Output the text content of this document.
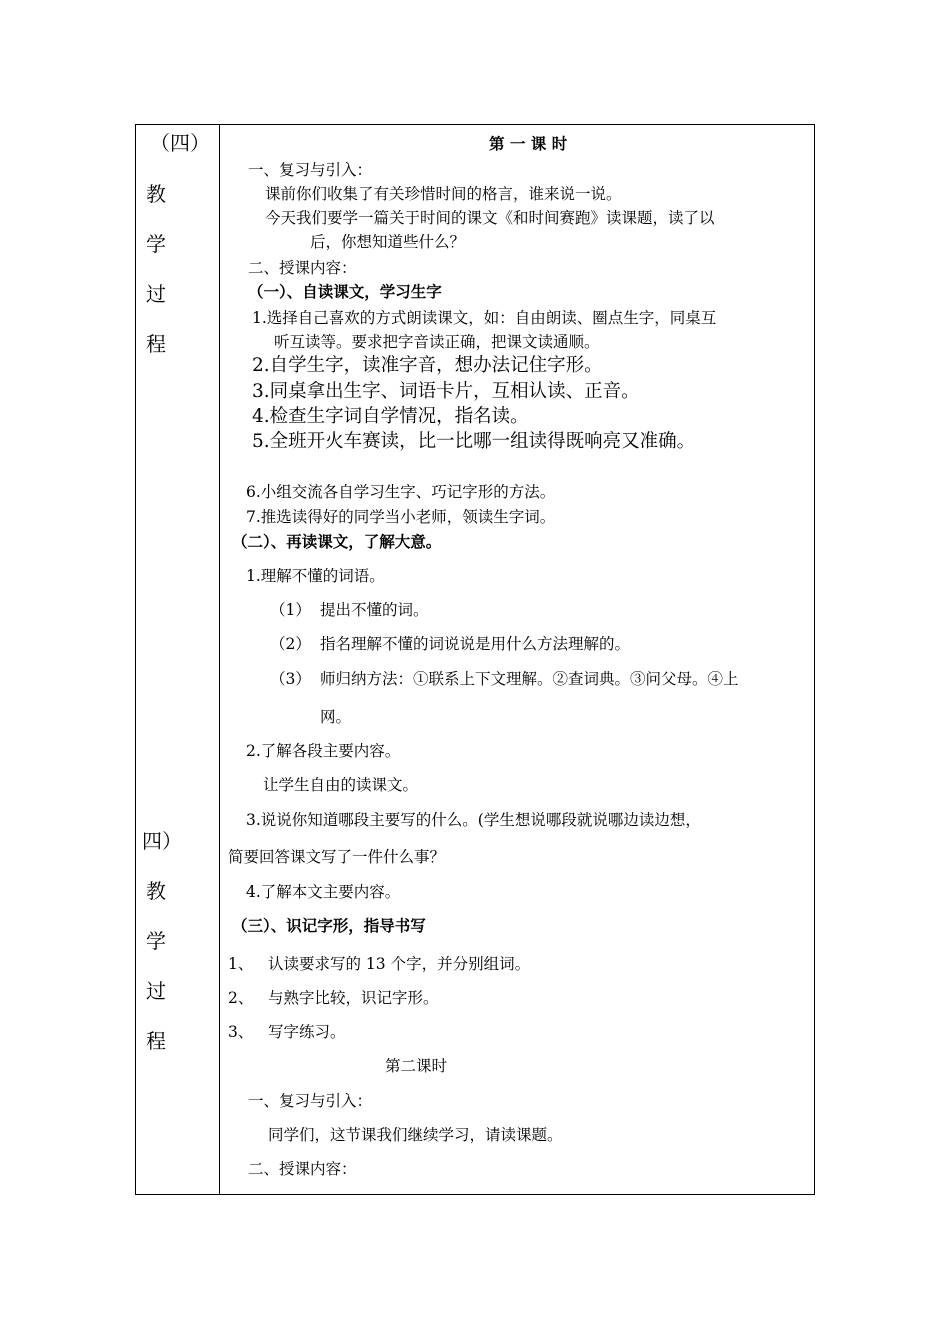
（四）
教
学
过
程
四）
教
学
过
程
第 一 课 时
一、复习与引入：
课前你们收集了有关珍惜时间的格言，谁来说一说。
今天我们要学一篇关于时间的课文《和时间赛跑》读课题，读了以
后，你想知道些什么？
二、授课内容：
（一）、自读课文，学习生字
1.选择自己喜欢的方式朗读课文，如：自由朗读、圈点生字，同桌互
听互读等。要求把字音读正确，把课文读通顺。
2.自学生字，读准字音，想办法记住字形。
3.同桌拿出生字、词语卡片，互相认读、正音。
4.检查生字词自学情况，指名读。
5.全班开火车赛读，比一比哪一组读得既响亮又准确。
6.小组交流各自学习生字、巧记字形的方法。
7.推选读得好的同学当小老师，领读生字词。
（二）、再读课文，了解大意。
1.理解不懂的词语。
（1） 提出不懂的词。
（2） 指名理解不懂的词说说是用什么方法理解的。
（3） 师归纳方法：①联系上下文理解。②查词典。③问父母。④上
网。
2.了解各段主要内容。
让学生自由的读课文。
3.说说你知道哪段主要写的什么。(学生想说哪段就说哪边读边想，
简要回答课文写了一件什么事？
4.了解本文主要内容。
（三）、识记字形，指导书写
1、 认读要求写的 13 个字，并分别组词。
2、 与熟字比较，识记字形。
3、 写字练习。
第二课时
一、复习与引入：
同学们，这节课我们继续学习，请读课题。
二、授课内容：
